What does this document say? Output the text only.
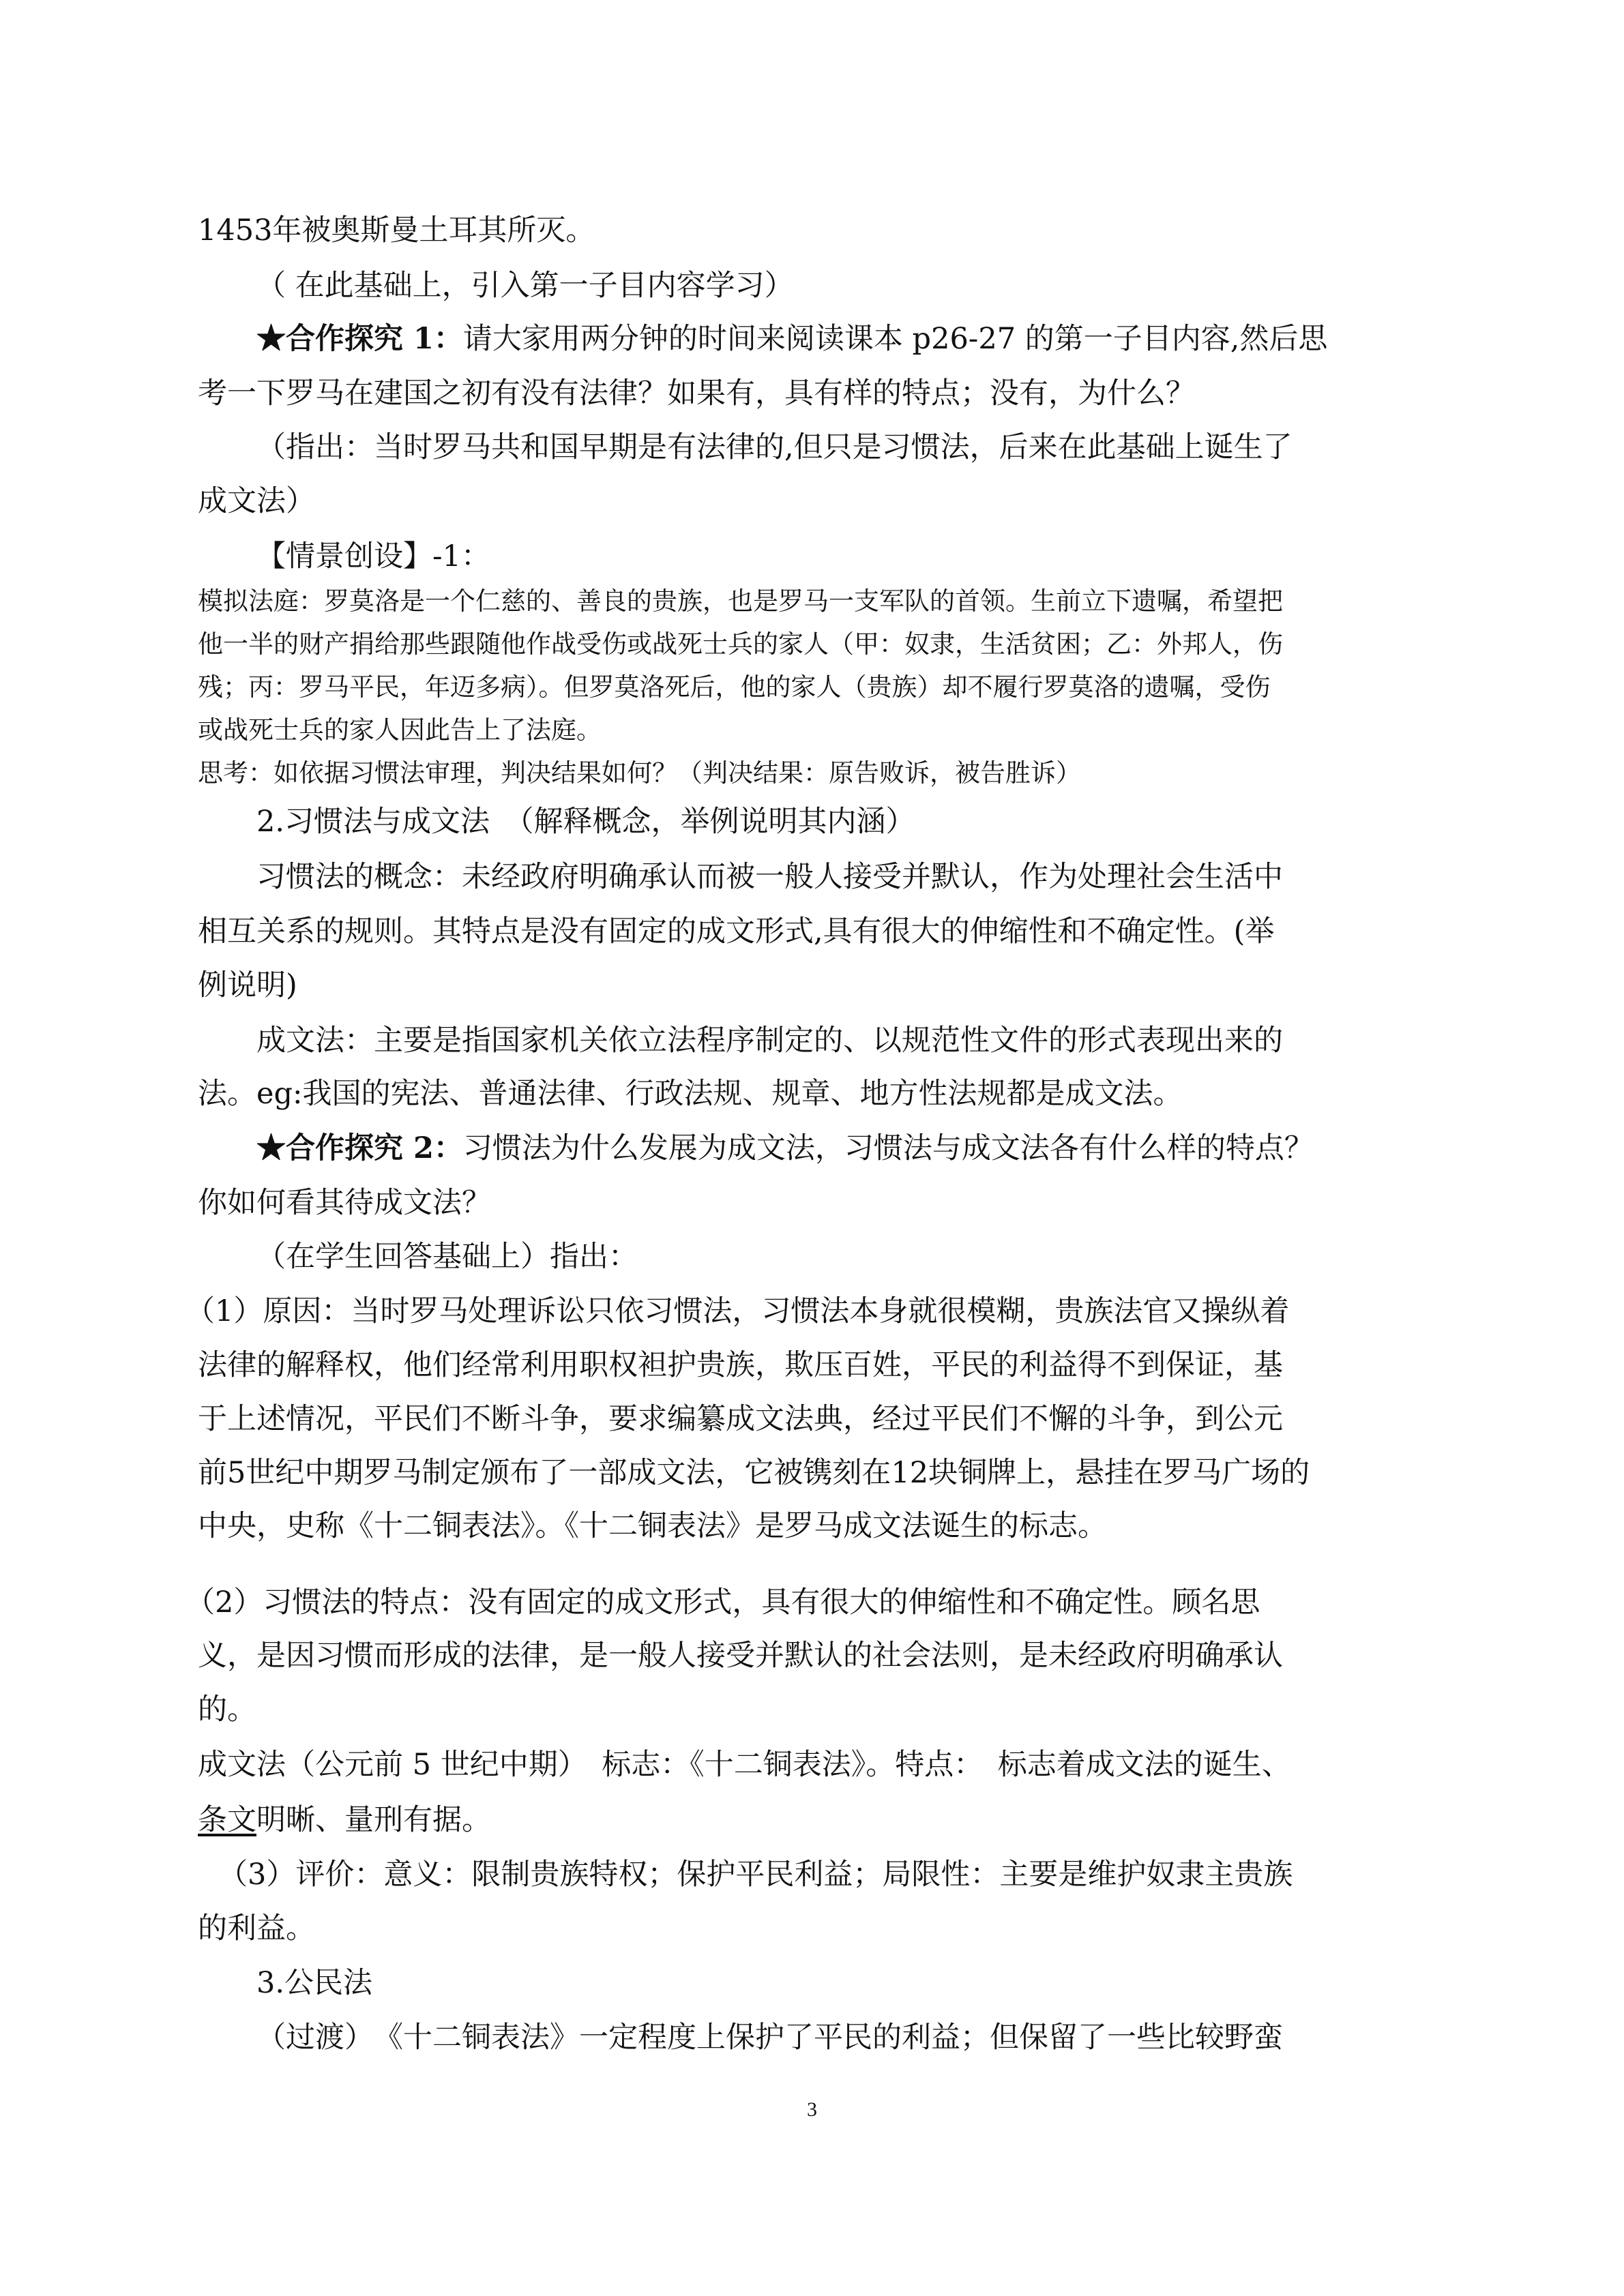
1453年被奥斯曼土耳其所灭。
（ 在此基础上，引入第一子目内容学习）
★合作探究 1：请大家用两分钟的时间来阅读课本 p26-27 的第一子目内容,然后思
考一下罗马在建国之初有没有法律？如果有，具有样的特点；没有，为什么？
（指出：当时罗马共和国早期是有法律的,但只是习惯法，后来在此基础上诞生了
成文法）
【情景创设】-1：
模拟法庭：罗莫洛是一个仁慈的、善良的贵族，也是罗马一支军队的首领。生前立下遗嘱，希望把
他一半的财产捐给那些跟随他作战受伤或战死士兵的家人（甲：奴隶，生活贫困；乙：外邦人，伤
残；丙：罗马平民，年迈多病）。但罗莫洛死后，他的家人（贵族）却不履行罗莫洛的遗嘱，受伤
或战死士兵的家人因此告上了法庭。
思考：如依据习惯法审理，判决结果如何？（判决结果：原告败诉，被告胜诉）
2.习惯法与成文法　（解释概念，举例说明其内涵）
习惯法的概念：未经政府明确承认而被一般人接受并默认，作为处理社会生活中
相互关系的规则。其特点是没有固定的成文形式,具有很大的伸缩性和不确定性。(举
例说明)
成文法：主要是指国家机关依立法程序制定的、以规范性文件的形式表现出来的
法。eg:我国的宪法、普通法律、行政法规、规章、地方性法规都是成文法。
★合作探究 2：习惯法为什么发展为成文法，习惯法与成文法各有什么样的特点？
你如何看其待成文法？
（在学生回答基础上）指出：
（1）原因：当时罗马处理诉讼只依习惯法，习惯法本身就很模糊，贵族法官又操纵着
法律的解释权，他们经常利用职权袒护贵族，欺压百姓，平民的利益得不到保证，基
于上述情况，平民们不断斗争，要求编纂成文法典，经过平民们不懈的斗争，到公元
前5世纪中期罗马制定颁布了一部成文法，它被镌刻在12块铜牌上，悬挂在罗马广场的
中央，史称《十二铜表法》。《十二铜表法》是罗马成文法诞生的标志。
（2）习惯法的特点：没有固定的成文形式，具有很大的伸缩性和不确定性。顾名思
义，是因习惯而形成的法律，是一般人接受并默认的社会法则，是未经政府明确承认
的。
成文法（公元前 5 世纪中期）　标志：《十二铜表法》。特点：　标志着成文法的诞生、
条文明晰、量刑有据。
（3）评价：意义：限制贵族特权；保护平民利益；局限性：主要是维护奴隶主贵族
的利益。
3.公民法
（过渡）　《十二铜表法》一定程度上保护了平民的利益；但保留了一些比较野蛮
3
